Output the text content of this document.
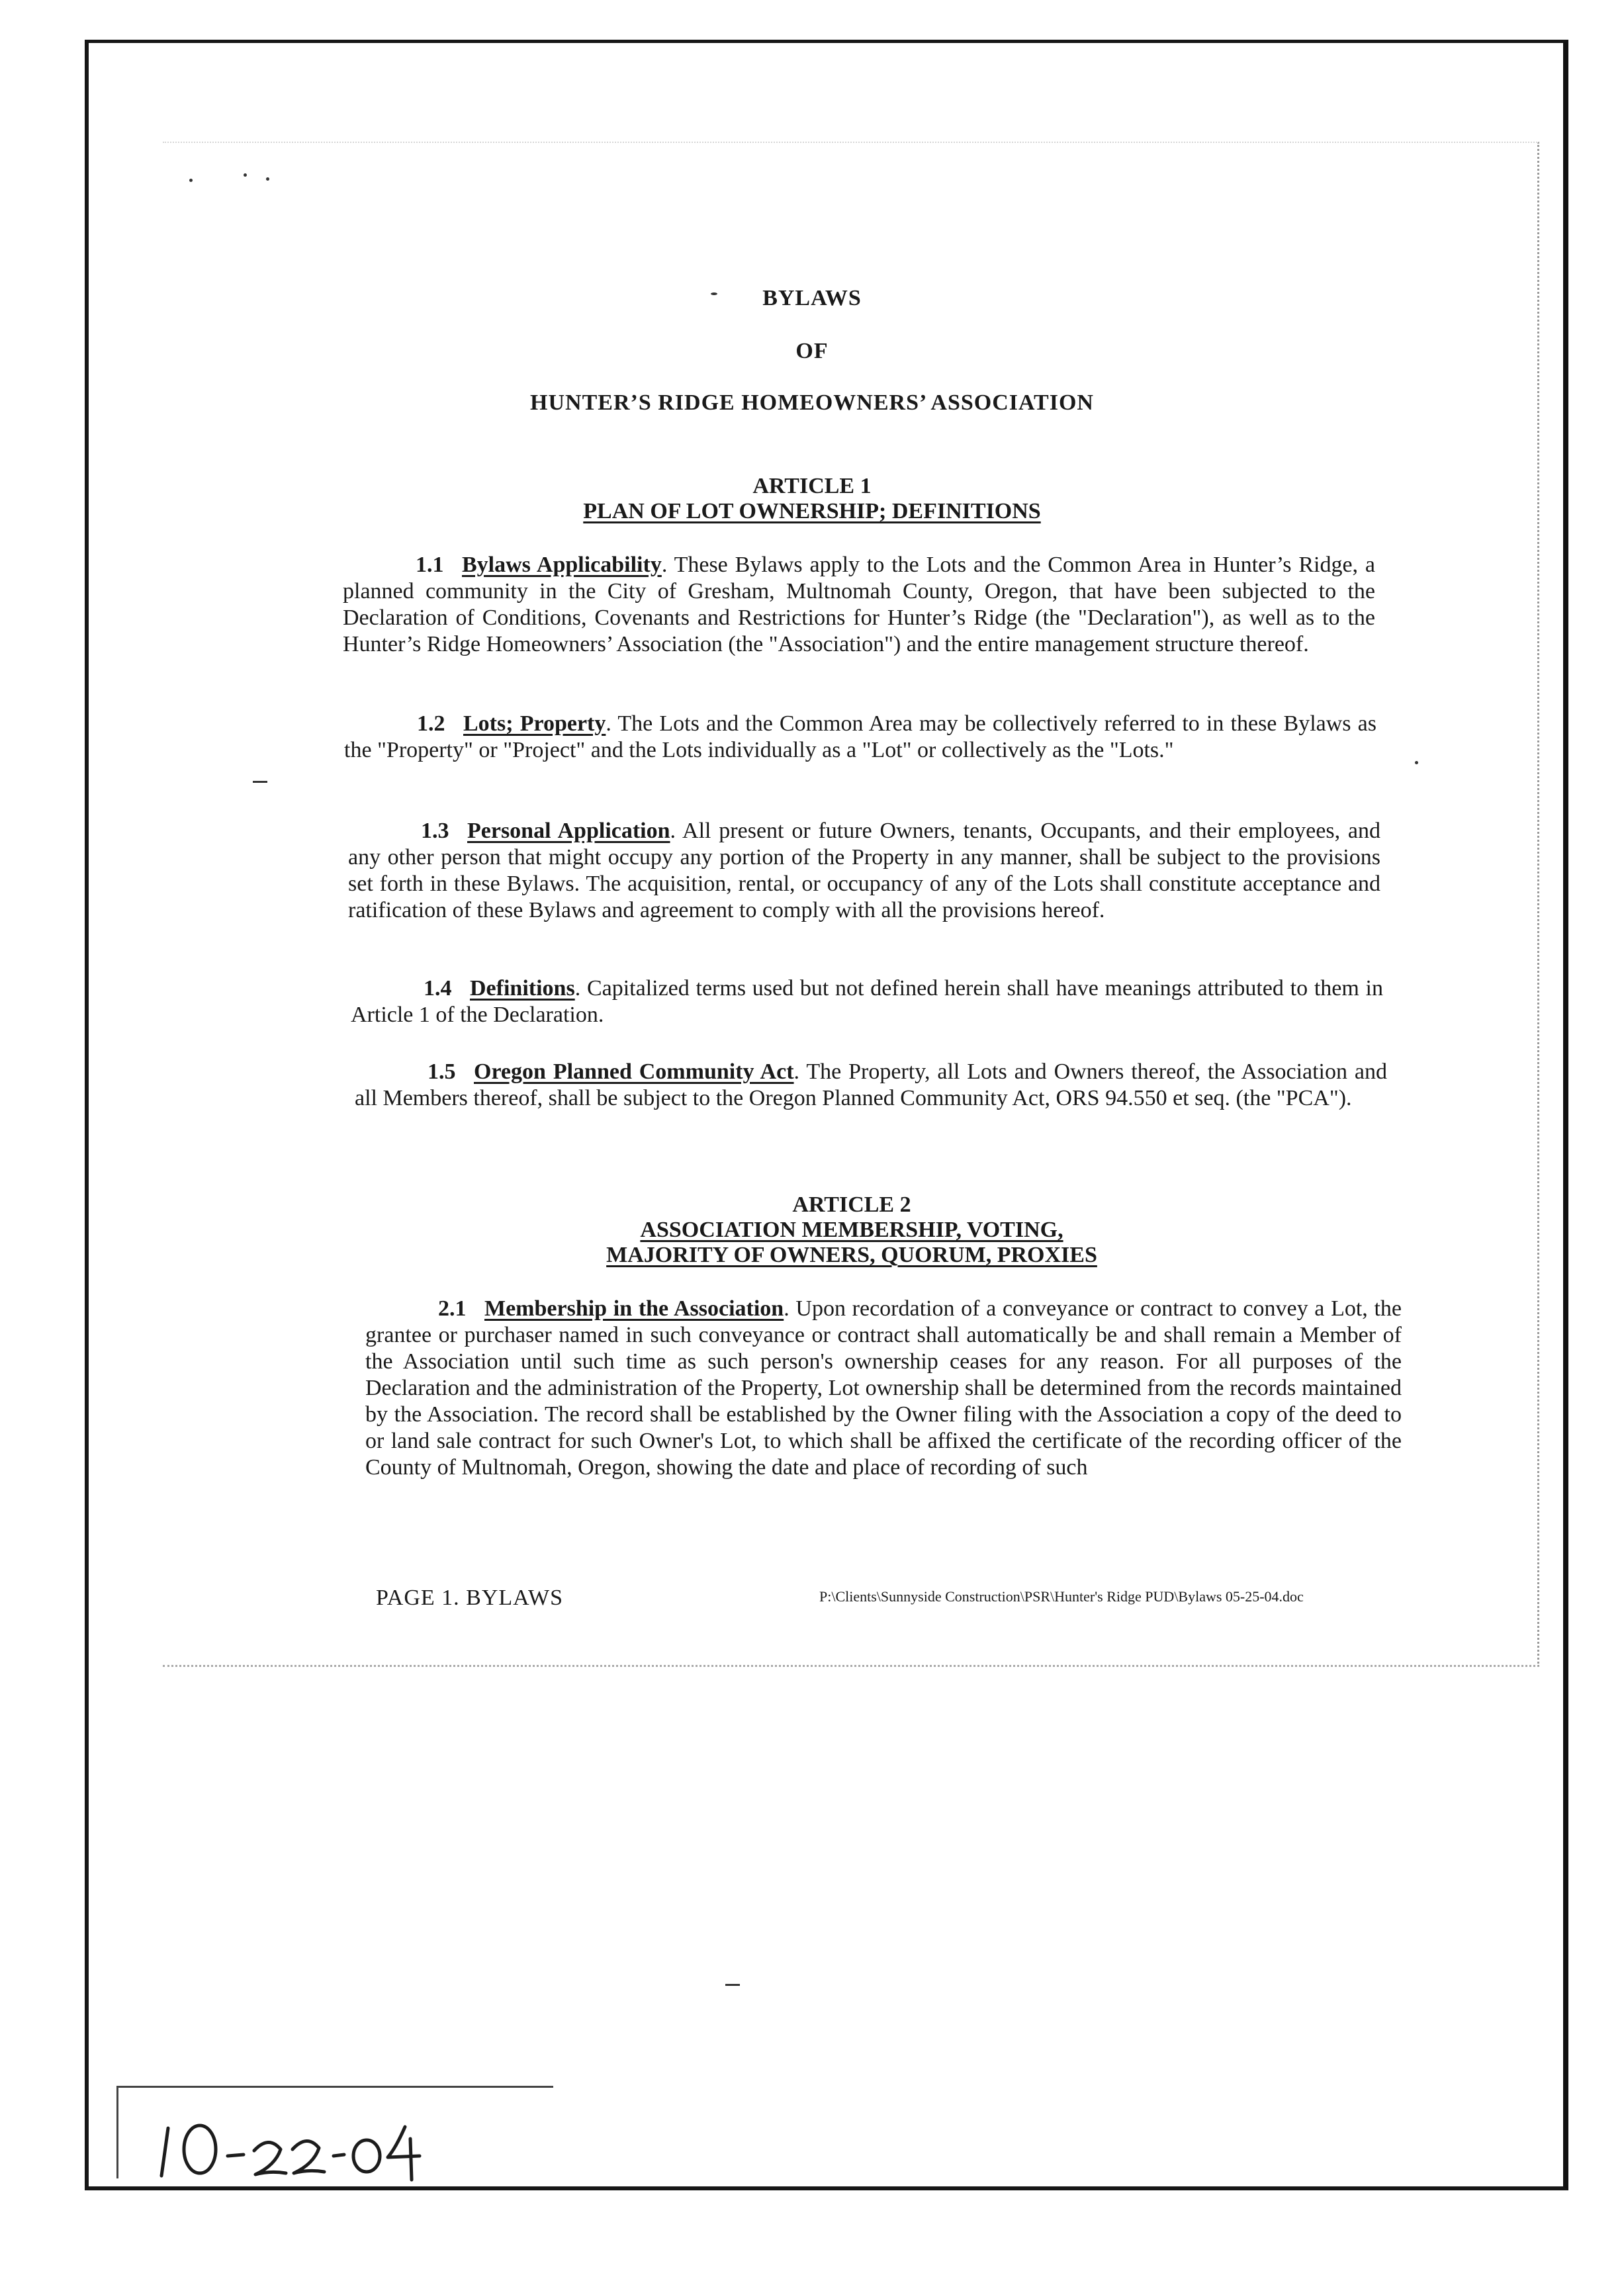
BYLAWS
OF
HUNTER’S RIDGE HOMEOWNERS’ ASSOCIATION
ARTICLE 1
PLAN OF LOT OWNERSHIP; DEFINITIONS

1.1 Bylaws Applicability. These Bylaws apply to the Lots and the Common Area in Hunter’s Ridge, a planned community in the City of Gresham, Multnomah County, Oregon, that have been subjected to the Declaration of Conditions, Covenants and Restrictions for Hunter’s Ridge (the "Declaration"), as well as to the Hunter’s Ridge Homeowners’ Association (the "Association") and the entire management structure thereof.

1.2 Lots; Property. The Lots and the Common Area may be collectively referred to in these Bylaws as the "Property" or "Project" and the Lots individually as a "Lot" or collectively as the "Lots."

1.3 Personal Application. All present or future Owners, tenants, Occupants, and their employees, and any other person that might occupy any portion of the Property in any manner, shall be subject to the provisions set forth in these Bylaws. The acquisition, rental, or occupancy of any of the Lots shall constitute acceptance and ratification of these Bylaws and agreement to comply with all the provisions hereof.

1.4 Definitions. Capitalized terms used but not defined herein shall have meanings attributed to them in Article 1 of the Declaration.

1.5 Oregon Planned Community Act. The Property, all Lots and Owners thereof, the Association and all Members thereof, shall be subject to the Oregon Planned Community Act, ORS 94.550 et seq. (the "PCA").

ARTICLE 2
ASSOCIATION MEMBERSHIP, VOTING,
MAJORITY OF OWNERS, QUORUM, PROXIES

2.1 Membership in the Association. Upon recordation of a conveyance or contract to convey a Lot, the grantee or purchaser named in such conveyance or contract shall automatically be and shall remain a Member of the Association until such time as such person's ownership ceases for any reason. For all purposes of the Declaration and the administration of the Property, Lot ownership shall be determined from the records maintained by the Association. The record shall be established by the Owner filing with the Association a copy of the deed to or land sale contract for such Owner's Lot, to which shall be affixed the certificate of the recording officer of the County of Multnomah, Oregon, showing the date and place of recording of such

PAGE 1. BYLAWS	P:\Clients\Sunnyside Construction\PSR\Hunter's Ridge PUD\Bylaws 05-25-04.doc
